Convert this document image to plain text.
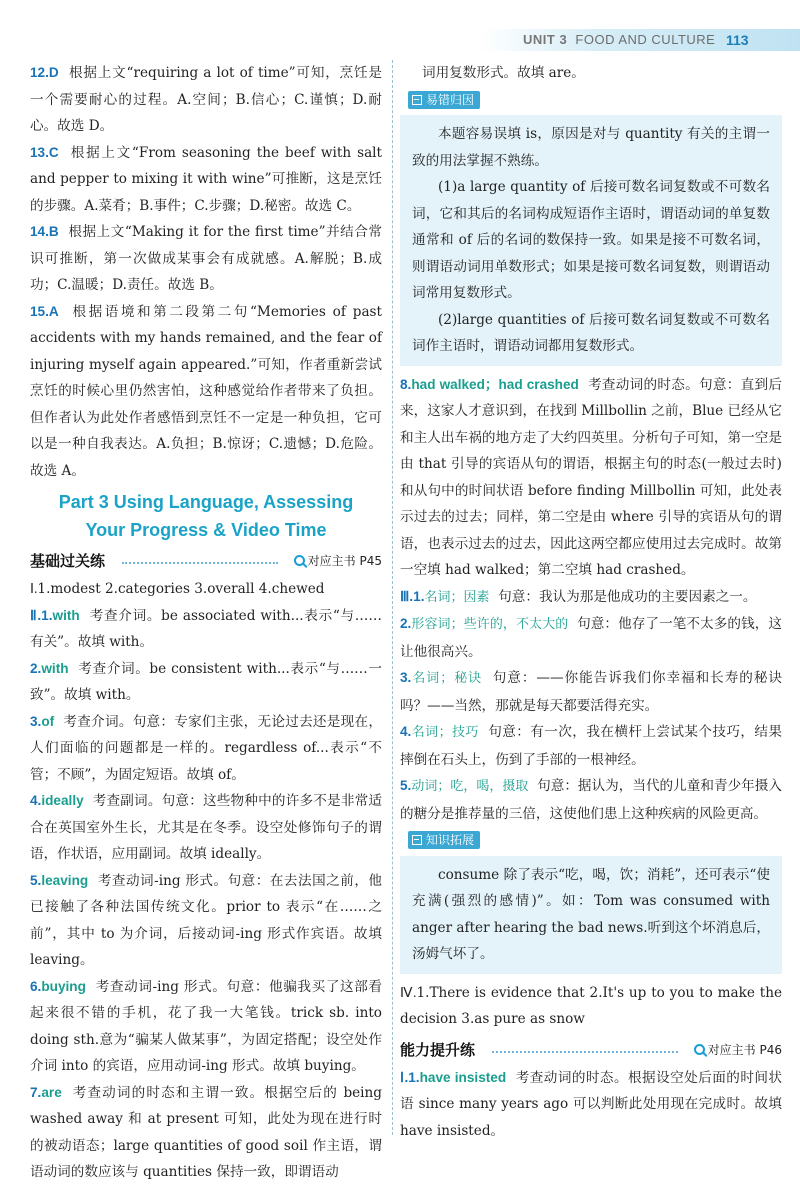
UNIT 3 FOOD AND CULTURE 113
12.D 根据上文“requiring a lot of time”可知，烹饪是一个需要耐心的过程。A.空间；B.信心；C.谨慎；D.耐心。故选 D。
13.C 根据上文“From seasoning the beef with salt and pepper to mixing it with wine”可推断，这是烹饪的步骤。A.菜肴；B.事件；C.步骤；D.秘密。故选 C。
14.B 根据上文“Making it for the first time”并结合常识可推断，第一次做成某事会有成就感。A.解脱；B.成功；C.温暖；D.责任。故选 B。
15.A 根据语境和第二段第二句“Memories of past accidents with my hands remained, and the fear of injuring myself again appeared.”可知，作者重新尝试烹饪的时候心里仍然害怕，这种感觉给作者带来了负担。但作者认为此处作者感悟到烹饪不一定是一种负担，它可以是一种自我表达。A.负担；B.惊讶；C.遗憾；D.危险。故选 A。
Part 3 Using Language, Assessing
Your Progress & Video Time
基础过关练	对应主书 P45
Ⅰ.1.modest 2.categories 3.overall 4.chewed
Ⅱ.1.with 考查介词。be associated with...表示“与……有关”。故填 with。
2.with 考查介词。be consistent with...表示“与……一致”。故填 with。
3.of 考查介词。句意：专家们主张，无论过去还是现在，人们面临的问题都是一样的。regardless of...表示“不管；不顾”，为固定短语。故填 of。
4.ideally 考查副词。句意：这些物种中的许多不是非常适合在英国室外生长，尤其是在冬季。设空处修饰句子的谓语，作状语，应用副词。故填 ideally。
5.leaving 考查动词-ing 形式。句意：在去法国之前，他已接触了各种法国传统文化。prior to 表示“在……之前”，其中 to 为介词，后接动词-ing 形式作宾语。故填 leaving。
6.buying 考查动词-ing 形式。句意：他骗我买了这部看起来很不错的手机，花了我一大笔钱。trick sb. into doing sth.意为“骗某人做某事”，为固定搭配；设空处作介词 into 的宾语，应用动词-ing 形式。故填 buying。
7.are 考查动词的时态和主谓一致。根据空后的 being washed away 和 at present 可知，此处为现在进行时的被动语态；large quantities of good soil 作主语，谓语动词的数应该与 quantities 保持一致，即谓语动
词用复数形式。故填 are。
易错归因
本题容易误填 is，原因是对与 quantity 有关的主谓一致的用法掌握不熟练。
(1)a large quantity of 后接可数名词复数或不可数名词，它和其后的名词构成短语作主语时，谓语动词的单复数通常和 of 后的名词的数保持一致。如果是接不可数名词，则谓语动词用单数形式；如果是接可数名词复数，则谓语动词常用复数形式。
(2)large quantities of 后接可数名词复数或不可数名词作主语时，谓语动词都用复数形式。
8.had walked；had crashed 考查动词的时态。句意：直到后来，这家人才意识到，在找到 Millbollin 之前，Blue 已经从它和主人出车祸的地方走了大约四英里。分析句子可知，第一空是由 that 引导的宾语从句的谓语，根据主句的时态(一般过去时)和从句中的时间状语 before finding Millbollin 可知，此处表示过去的过去；同样，第二空是由 where 引导的宾语从句的谓语，也表示过去的过去，因此这两空都应使用过去完成时。故第一空填 had walked；第二空填 had crashed。
Ⅲ.1.名词；因素 句意：我认为那是他成功的主要因素之一。
2.形容词；些许的，不太大的 句意：他存了一笔不太多的钱，这让他很高兴。
3.名词；秘诀 句意：——你能告诉我们你幸福和长寿的秘诀吗？——当然，那就是每天都要活得充实。
4.名词；技巧 句意：有一次，我在横杆上尝试某个技巧，结果摔倒在石头上，伤到了手部的一根神经。
5.动词；吃，喝，摄取 句意：据认为，当代的儿童和青少年摄入的糖分是推荐量的三倍，这使他们患上这种疾病的风险更高。
知识拓展
consume 除了表示“吃，喝，饮；消耗”，还可表示“使充满(强烈的感情)”。如：Tom was consumed with anger after hearing the bad news.听到这个坏消息后，汤姆气坏了。
Ⅳ.1.There is evidence that 2.It's up to you to make the decision 3.as pure as snow
能力提升练	对应主书 P46
Ⅰ.1.have insisted 考查动词的时态。根据设空处后面的时间状语 since many years ago 可以判断此处用现在完成时。故填 have insisted。
